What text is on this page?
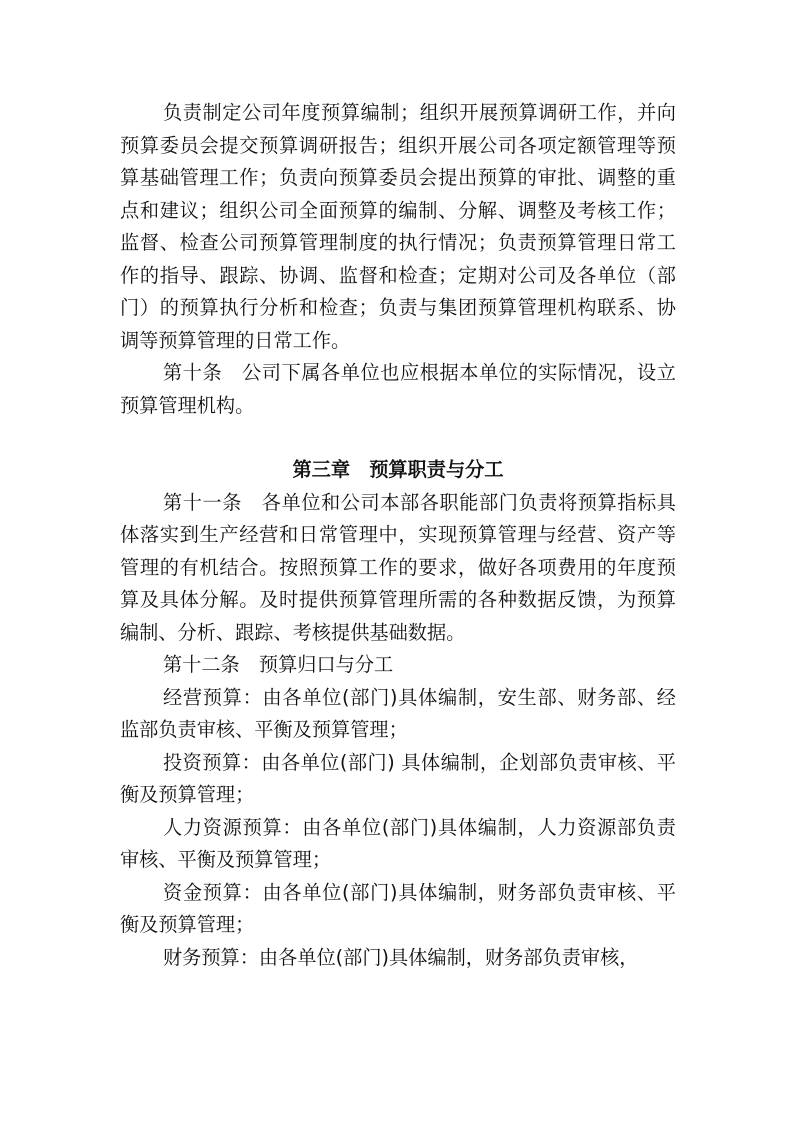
负责制定公司年度预算编制；组织开展预算调研工作，并向预算委员会提交预算调研报告；组织开展公司各项定额管理等预算基础管理工作；负责向预算委员会提出预算的审批、调整的重点和建议；组织公司全面预算的编制、分解、调整及考核工作；监督、检查公司预算管理制度的执行情况；负责预算管理日常工作的指导、跟踪、协调、监督和检查；定期对公司及各单位（部门）的预算执行分析和检查；负责与集团预算管理机构联系、协调等预算管理的日常工作。

第十条　公司下属各单位也应根据本单位的实际情况，设立预算管理机构。

第三章　预算职责与分工

第十一条　各单位和公司本部各职能部门负责将预算指标具体落实到生产经营和日常管理中，实现预算管理与经营、资产等管理的有机结合。按照预算工作的要求，做好各项费用的年度预算及具体分解。及时提供预算管理所需的各种数据反馈，为预算编制、分析、跟踪、考核提供基础数据。

第十二条　预算归口与分工

经营预算：由各单位(部门)具体编制，安生部、财务部、经监部负责审核、平衡及预算管理；

投资预算：由各单位(部门) 具体编制，企划部负责审核、平衡及预算管理；

人力资源预算：由各单位(部门)具体编制，人力资源部负责审核、平衡及预算管理；

资金预算：由各单位(部门)具体编制，财务部负责审核、平衡及预算管理；

财务预算：由各单位(部门)具体编制，财务部负责审核，
